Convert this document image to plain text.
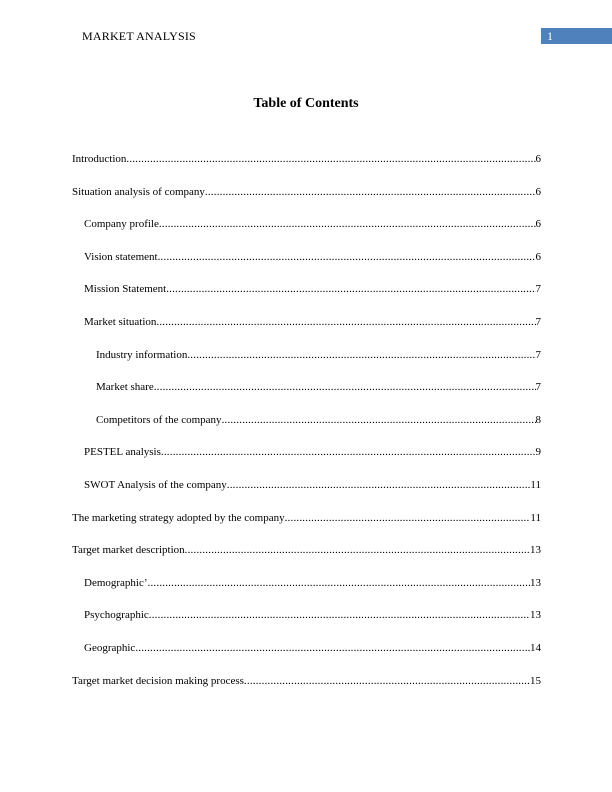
MARKET ANALYSIS	1
Table of Contents
Introduction .....	6
Situation analysis of company .....	6
Company profile .....	6
Vision statement .....	6
Mission Statement .....	7
Market situation .....	7
Industry information .....	7
Market share .....	7
Competitors of the company .....	8
PESTEL analysis .....	9
SWOT Analysis of the company .....	11
The marketing strategy adopted by the company .....	11
Target market description .....	13
Demographic’ .....	13
Psychographic .....	13
Geographic .....	14
Target market decision making process .....	15
